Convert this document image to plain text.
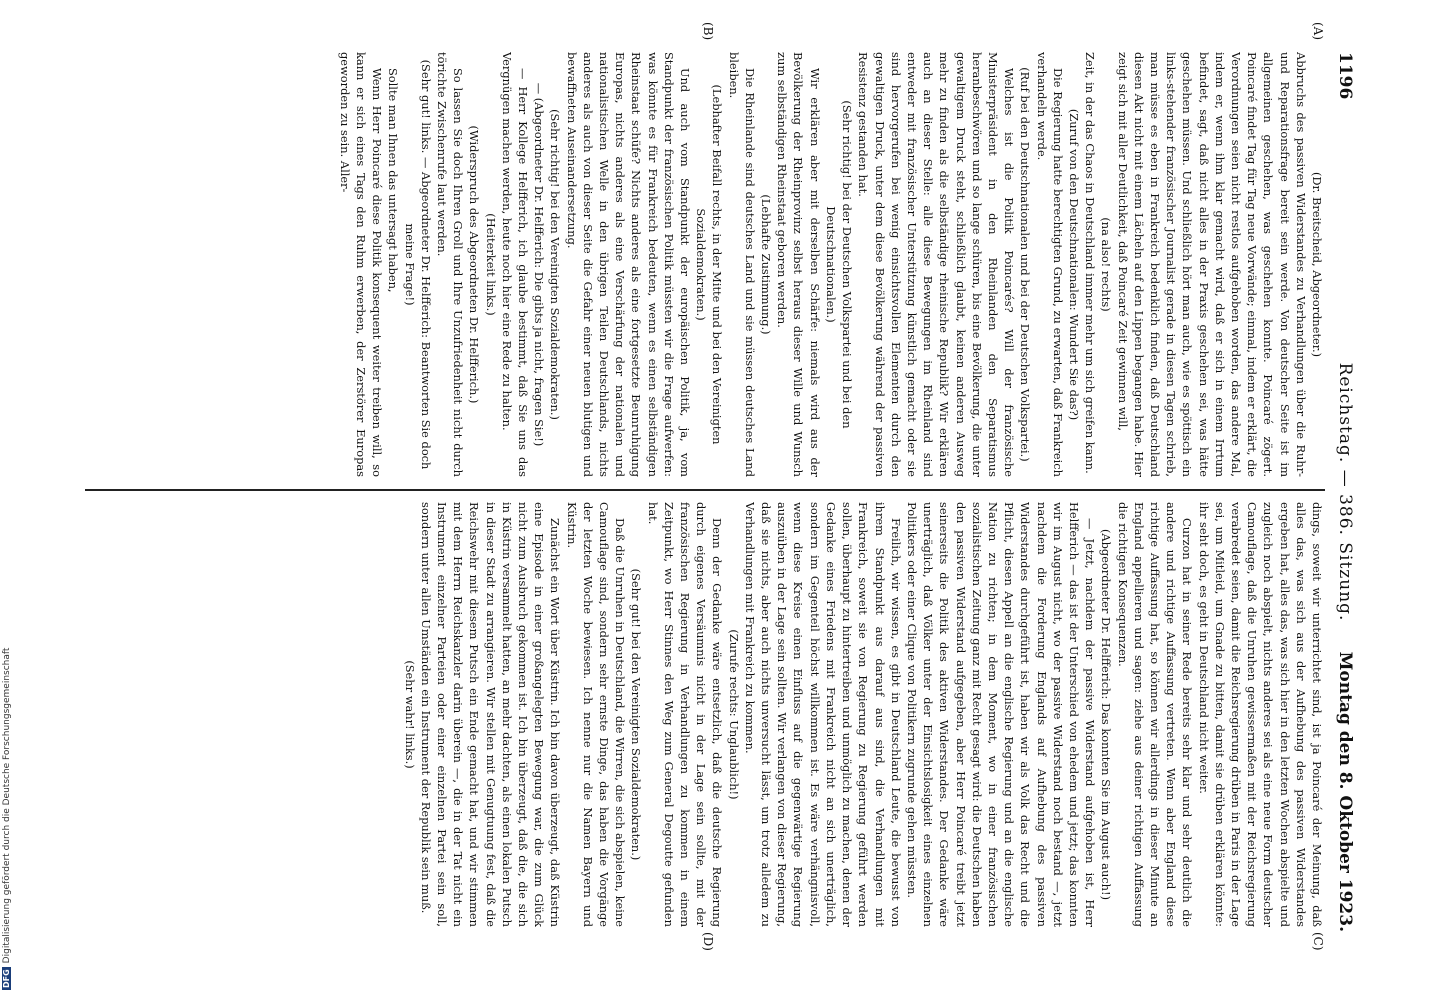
1196
Reichstag. — 386. Sitzung.
Montag den 8. Oktober 1923.
(A)
(B)
(C)
(D)

(Dr. Breitscheid, Abgeordneter.)

Abbruchs des passiven Widerstandes zu Verhandlungen über die Ruhr- und Reparationsfrage bereit sein werde. Von deutscher Seite ist im allgemeinen geschehen, was geschehen konnte. Poincaré zögert. Poincaré findet Tag für Tag neue Vorwände; einmal, indem er erklärt, die Verordnungen seien nicht restlos aufgehoben worden, das andere Mal, indem er, wenn ihm klar gemacht wird, daß er sich in einem Irrtum befindet, sagt, daß nicht alles in der Praxis geschehen sei, was hätte geschehen müssen. Und schließlich hört man auch, wie es spöttisch ein links-stehender französischer Journalist gerade in diesen Tagen schrieb, man müsse es eben in Frankreich bedenklich finden, daß Deutschland diesen Akt nicht mit einem Lächeln auf den Lippen begangen habe. Hier zeigt sich mit aller Deutlichkeit, daß Poincaré Zeit gewinnen will,

(na also! rechts)

Zeit, in der das Chaos in Deutschland immer mehr um sich greifen kann.

(Zuruf von den Deutschnationalen: Wundert Sie das?)

Die Regierung hatte berechtigten Grund, zu erwarten, daß Frankreich verhandeln werde.

(Ruf bei den Deutschnationalen und bei der Deutschen Volkspartei.)

Welches ist die Politik Poincarés? Will der französische Ministerpräsident in den Rheinlanden den Separatismus heranbeschwören und so lange schüren, bis eine Bevölkerung, die unter gewaltigem Druck steht, schließlich glaubt, keinen anderen Ausweg mehr zu finden als die selbständige rheinische Republik? Wir erklären auch an dieser Stelle: alle diese Bewegungen im Rheinland sind entweder mit französischer Unterstützung künstlich gemacht oder sie sind hervorgerufen bei wenig einsichtsvollen Elementen durch den gewaltigen Druck, unter dem diese Bevölkerung während der passiven Resistenz gestanden hat.

(Sehr richtig! bei der Deutschen Volkspartei und bei den Deutschnationalen.)

Wir erklären aber mit derselben Schärfe: niemals wird aus der Bevölkerung der Rheinprovinz selbst heraus dieser Wille und Wunsch zum selbständigen Rheinstaat geboren werden.

(Lebhafte Zustimmung.)

Die Rheinlande sind deutsches Land und sie müssen deutsches Land bleiben.

(Lebhafter Beifall rechts, in der Mitte und bei den Vereinigten Sozialdemokraten.)

Und auch vom Standpunkt der europäischen Politik, ja, vom Standpunkt der französischen Politik müssten wir die Frage aufwerfen: was könnte es für Frankreich bedeuten, wenn es einen selbständigen Rheinstaat schüfe? Nichts anderes als eine fortgesetzte Beunruhigung Europas, nichts anderes als eine Verschärfung der nationalen und nationalistischen Welle in den übrigen Teilen Deutschlands, nichts anderes als auch von dieser Seite die Gefahr einer neuen blutigen und bewaffneten Auseinandersetzung.

(Sehr richtig! bei den Vereinigten Sozialdemokraten.)

— (Abgeordneter Dr. Helfferich: Die gibts ja nicht, fragen Sie!)

— Herr Kollege Helfferich, ich glaube bestimmt, daß Sie uns das Vergnügen machen werden, heute noch hier eine Rede zu halten.

(Heiterkeit links.)

(Widerspruch des Abgeordneten Dr. Helfferich.)

So lassen Sie doch Ihren Groll und Ihre Unzufriedenheit nicht durch törichte Zwischenrufe laut werden.

(Sehr gut! links. — Abgeordneter Dr. Helfferich: Beantworten Sie doch meine Frage!)

Sollte man Ihnen das untersagt haben,

Wenn Herr Poincaré diese Politik konsequent weiter treiben will, so kann er sich eines Tags den Ruhm erwerben, der Zerstörer Europas geworden zu sein. Aller-

dings, soweit wir unterrichtet sind, ist ja Poincaré der Meinung, daß alles das, was sich aus der Aufhebung des passiven Widerstandes ergeben hat, alles das, was sich hier in den letzten Wochen abspielte und zugleich noch abspielt, nichts anderes sei als eine neue Form deutscher Camouflage, daß die Unruhen gewissermaßen mit der Reichsregierung verabredet seien, damit die Reichsregierung drüben in Paris in der Lage sei, um Mitleid, um Gnade zu bitten, damit sie drüben erklären könnte: ihr seht doch, es geht in Deutschland nicht weiter.

Curzon hat in seiner Rede bereits sehr klar und sehr deutlich die andere und richtige Auffassung vertreten. Wenn aber England diese richtige Auffassung hat, so können wir allerdings in dieser Minute an England appellieren und sagen: ziehe aus deiner richtigen Auffassung die richtigen Konsequenzen.

(Abgeordneter Dr. Helfferich: Das konnten Sie im August auch!)

— Jetzt, nachdem der passive Widerstand aufgehoben ist, Herr Helfferich — das ist der Unterschied von ehedem und jetzt; das konnten wir im August nicht, wo der passive Widerstand noch bestand —, jetzt nachdem die Forderung Englands auf Aufhebung des passiven Widerstandes durchgeführt ist, haben wir als Volk das Recht und die Pflicht, diesen Appell an die englische Regierung und an die englische Nation zu richten; in dem Moment, wo in einer französischen sozialistischen Zeitung ganz mit Recht gesagt wird: die Deutschen haben den passiven Widerstand aufgegeben, aber Herr Poincaré treibt jetzt seinerseits die Politik des aktiven Widerstandes. Der Gedanke wäre unerträglich, daß Völker unter der Einsichtslosigkeit eines einzelnen Politikers oder einer Clique von Politikern zugrunde gehen müssten.

Freilich, wir wissen, es gibt in Deutschland Leute, die bewusst von ihrem Standpunkt aus darauf aus sind, die Verhandlungen mit Frankreich, soweit sie von Regierung zu Regierung geführt werden sollen, überhaupt zu hintertreiben und unmöglich zu machen, denen der Gedanke eines Friedens mit Frankreich nicht an sich unerträglich, sondern im Gegenteil höchst willkommen ist. Es wäre verhängnisvoll, wenn diese Kreise einen Einfluss auf die gegenwärtige Regierung auszuüben in der Lage sein sollten. Wir verlangen von dieser Regierung, daß sie nichts, aber auch nichts unversucht lässt, um trotz alledem zu Verhandlungen mit Frankreich zu kommen.

(Zurufe rechts: Unglaublich!)

Denn der Gedanke wäre entsetzlich, daß die deutsche Regierung durch eigenes Versäumnis nicht in der Lage sein sollte, mit der französischen Regierung in Verhandlungen zu kommen in einem Zeitpunkt, wo Herr Stinnes den Weg zum General Degoutte gefunden hat.

(Sehr gut! bei den Vereinigten Sozialdemokraten.)

Daß die Unruhen in Deutschland, die Wirren, die sich abspielen, keine Camouflage sind, sondern sehr ernste Dinge, das haben die Vorgänge der letzten Woche bewiesen. Ich nenne nur die Namen Bayern und Küstrin.

Zunächst ein Wort über Küstrin. Ich bin davon überzeugt, daß Küstrin eine Episode in einer großangelegten Bewegung war, die zum Glück nicht zum Ausbruch gekommen ist. Ich bin überzeugt, daß die, die sich in Küstrin versammelt hatten, an mehr dachten, als einen lokalen Putsch in dieser Stadt zu arrangieren. Wir stellen mit Genugtuung fest, daß die Reichswehr mit diesem Putsch ein Ende gemacht hat, und wir stimmen mit dem Herrn Reichskanzler darin überein —, die in der Tat nicht ein Instrument einzelner Parteien oder einer einzelnen Partei sein soll, sondern unter allen Umständen ein Instrument der Republik sein muß.

(Sehr wahr! links.)

DFGDigitalisierung gefördert durch die Deutsche Forschungsgemeinschaft
